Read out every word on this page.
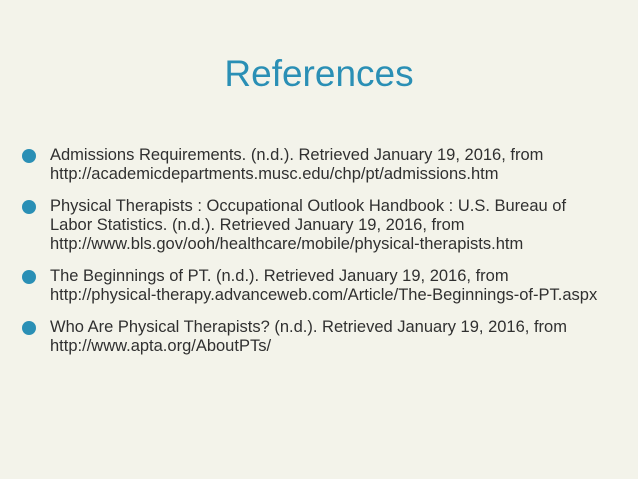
References
Admissions Requirements. (n.d.). Retrieved January 19, 2016, from http://academicdepartments.musc.edu/chp/pt/admissions.htm
Physical Therapists : Occupational Outlook Handbook : U.S. Bureau of Labor Statistics. (n.d.). Retrieved January 19, 2016, from http://www.bls.gov/ooh/healthcare/mobile/physical-therapists.htm
The Beginnings of PT. (n.d.). Retrieved January 19, 2016, from http://physical-therapy.advanceweb.com/Article/The-Beginnings-of-PT.aspx
Who Are Physical Therapists? (n.d.). Retrieved January 19, 2016, from http://www.apta.org/AboutPTs/
